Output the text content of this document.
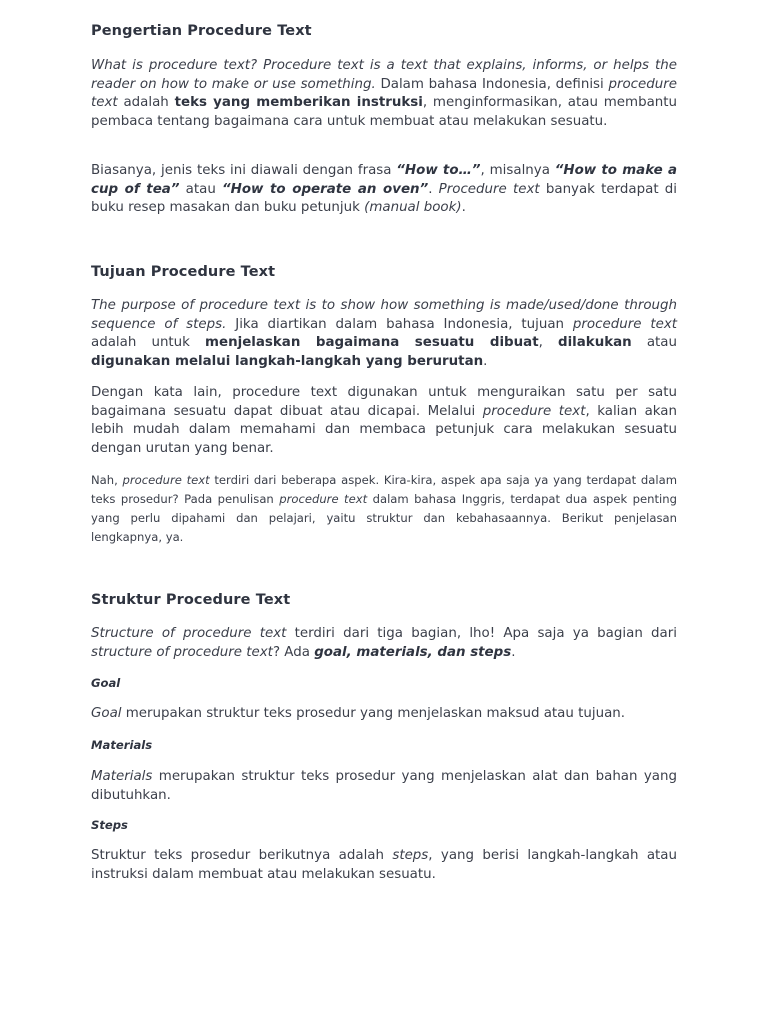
Pengertian Procedure Text

What is procedure text? Procedure text is a text that explains, informs, or helps the reader on how to make or use something. Dalam bahasa Indonesia, definisi procedure text adalah teks yang memberikan instruksi, menginformasikan, atau membantu pembaca tentang bagaimana cara untuk membuat atau melakukan sesuatu.

Biasanya, jenis teks ini diawali dengan frasa “How to…”, misalnya “How to make a cup of tea” atau “How to operate an oven”. Procedure text banyak terdapat di buku resep masakan dan buku petunjuk (manual book).

Tujuan Procedure Text

The purpose of procedure text is to show how something is made/used/done through sequence of steps. Jika diartikan dalam bahasa Indonesia, tujuan procedure text adalah untuk menjelaskan bagaimana sesuatu dibuat, dilakukan atau digunakan melalui langkah-langkah yang berurutan.

Dengan kata lain, procedure text digunakan untuk menguraikan satu per satu bagaimana sesuatu dapat dibuat atau dicapai. Melalui procedure text, kalian akan lebih mudah dalam memahami dan membaca petunjuk cara melakukan sesuatu dengan urutan yang benar.

Nah, procedure text terdiri dari beberapa aspek. Kira-kira, aspek apa saja ya yang terdapat dalam teks prosedur? Pada penulisan procedure text dalam bahasa Inggris, terdapat dua aspek penting yang perlu dipahami dan pelajari, yaitu struktur dan kebahasaannya. Berikut penjelasan lengkapnya, ya.

Struktur Procedure Text

Structure of procedure text terdiri dari tiga bagian, lho! Apa saja ya bagian dari structure of procedure text? Ada goal, materials, dan steps.

Goal

Goal merupakan struktur teks prosedur yang menjelaskan maksud atau tujuan.

Materials

Materials merupakan struktur teks prosedur yang menjelaskan alat dan bahan yang dibutuhkan.

Steps

Struktur teks prosedur berikutnya adalah steps, yang berisi langkah-langkah atau instruksi dalam membuat atau melakukan sesuatu.
